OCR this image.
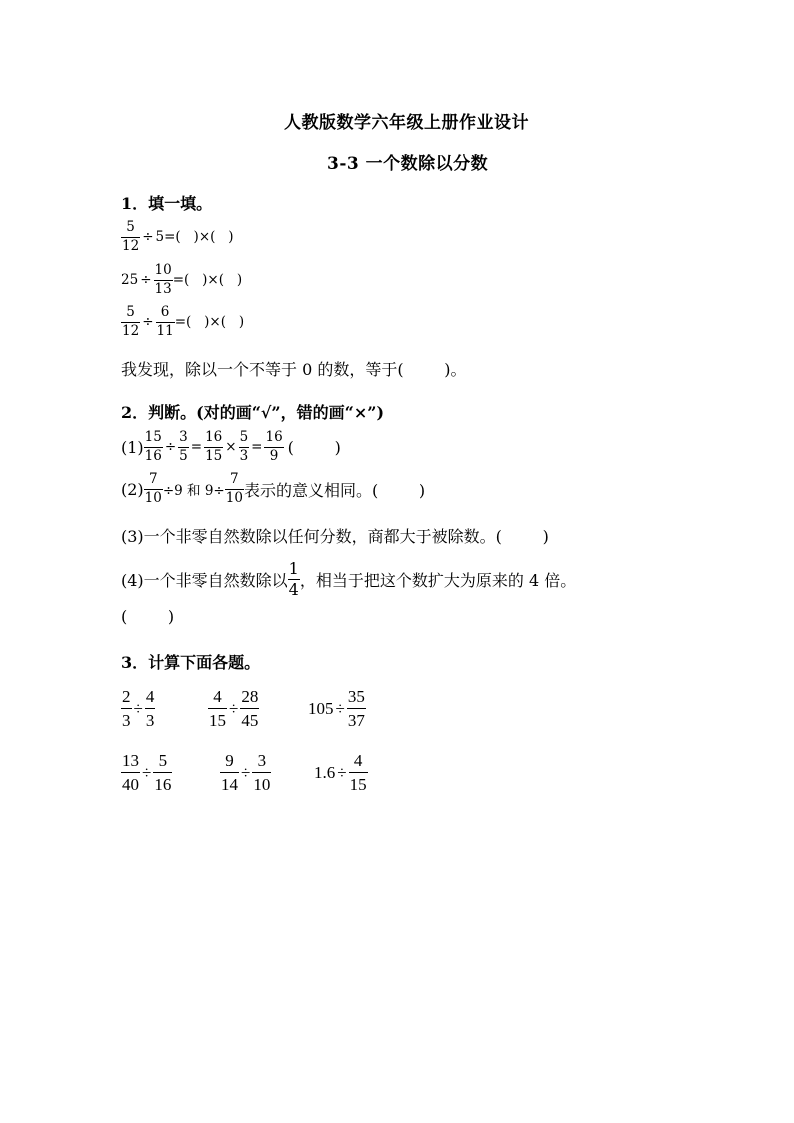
人教版数学六年级上册作业设计
3-3 一个数除以分数
1．填一填。
$\frac{5}{12} \div 5$ =(   )×(   )
$25 \div \frac{10}{13}$ =(   )×(   )
$\frac{5}{12} \div \frac{6}{11}$ =(   )×(   )
我发现，除以一个不等于 0 的数，等于(        )。
2．判断。(对的画“√”，错的画“×”)
$(1) \frac{15}{16} \div \frac{3}{5} = \frac{16}{15} \times \frac{5}{3} = \frac{16}{9}$ (        )
$(2) \frac{7}{10} \div 9$ 和 $9\div \frac{7}{10}$ 表示的意义相同。(        )
(3)一个非零自然数除以任何分数，商都大于被除数。(        )
(4)一个非零自然数除以 $\frac{1}{4}$ ，相当于把这个数扩大为原来的 4 倍。
(        )
3．计算下面各题。
$\frac{2}{3} \div \frac{4}{3}$	$\frac{4}{15} \div \frac{28}{45}$	$105 \div \frac{35}{37}$
$\frac{13}{40} \div \frac{5}{16}$	$\frac{9}{14} \div \frac{3}{10}$	$1.6 \div \frac{4}{15}$
